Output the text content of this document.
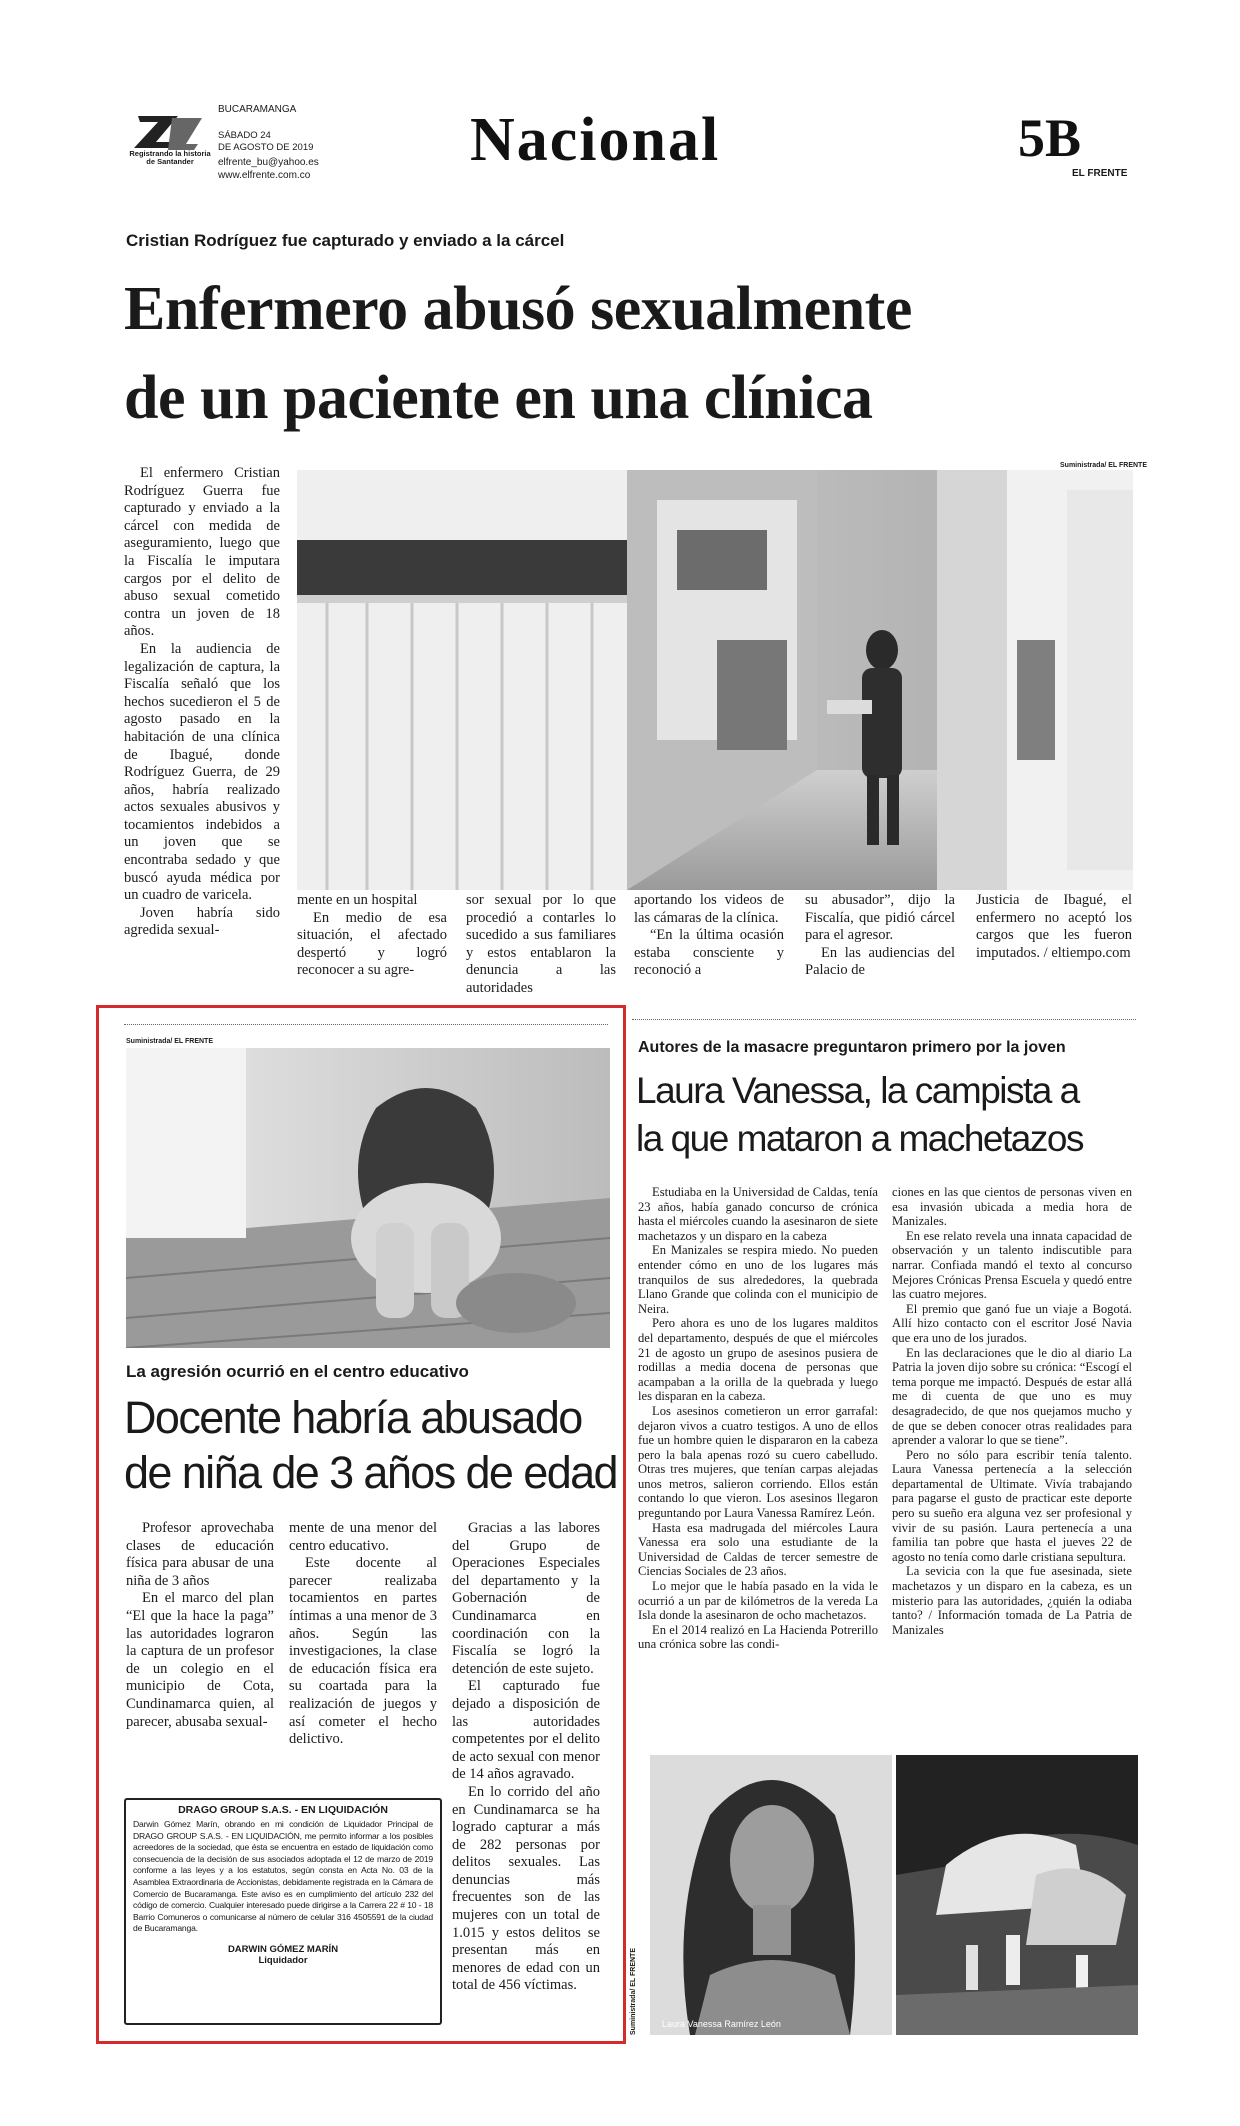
Registrando la historia de Santander
BUCARAMANGA
SÁBADO 24
DE AGOSTO DE 2019
elfrente_bu@yahoo.es
www.elfrente.com.co
Nacional	5B
EL FRENTE
Cristian Rodríguez fue capturado y enviado a la cárcel
Enfermero abusó sexualmente
de un paciente en una clínica
Suministrada/ EL FRENTE

El enfermero Cristian Rodríguez Guerra fue capturado y enviado a la cárcel con medida de aseguramiento, luego que la Fiscalía le imputara cargos por el delito de abuso sexual cometido contra un joven de 18 años.

En la audiencia de legalización de captura, la Fiscalía señaló que los hechos sucedieron el 5 de agosto pasado en la habitación de una clínica de Ibagué, donde Rodríguez Guerra, de 29 años, habría realizado actos sexuales abusivos y tocamientos indebidos a un joven que se encontraba sedado y que buscó ayuda médica por un cuadro de varicela.

Joven habría sido agredida sexual-

mente en un hospital

En medio de esa situación, el afectado despertó y logró reconocer a su agre-

sor sexual por lo que procedió a contarles lo sucedido a sus familiares y estos entablaron la denuncia a las autoridades

aportando los videos de las cámaras de la clínica.

“En la última ocasión estaba consciente y reconoció a

su abusador”, dijo la Fiscalía, que pidió cárcel para el agresor.

En las audiencias del Palacio de

Justicia de Ibagué, el enfermero no aceptó los cargos que les fueron imputados. / eltiempo.com

Suministrada/ EL FRENTE
La agresión ocurrió en el centro educativo
Docente habría abusado
de niña de 3 años de edad

Profesor aprovechaba clases de educación física para abusar de una niña de 3 años

En el marco del plan “El que la hace la paga” las autoridades lograron la captura de un profesor de un colegio en el municipio de Cota, Cundinamarca quien, al parecer, abusaba sexual-

mente de una menor del centro educativo.

Este docente al parecer realizaba tocamientos en partes íntimas a una menor de 3 años. Según las investigaciones, la clase de educación física era su coartada para la realización de juegos y así cometer el hecho delictivo.

Gracias a las labores del Grupo de Operaciones Especiales del departamento y la Gobernación de Cundinamarca en coordinación con la Fiscalía se logró la detención de este sujeto.

El capturado fue dejado a disposición de las autoridades competentes por el delito de acto sexual con menor de 14 años agravado.

En lo corrido del año en Cundinamarca se ha logrado capturar a más de 282 personas por delitos sexuales. Las denuncias más frecuentes son de las mujeres con un total de 1.015 y estos delitos se presentan más en menores de edad con un total de 456 víctimas.

DRAGO GROUP S.A.S. - EN LIQUIDACIÓN
Darwin Gómez Marín, obrando en mi condición de Liquidador Principal de DRAGO GROUP S.A.S. - EN LIQUIDACIÓN, me permito informar a los posibles acreedores de la sociedad, que ésta se encuentra en estado de liquidación como consecuencia de la decisión de sus asociados adoptada el 12 de marzo de 2019 conforme a las leyes y a los estatutos, según consta en Acta No. 03 de la Asamblea Extraordinaria de Accionistas, debidamente registrada en la Cámara de Comercio de Bucaramanga. Este aviso es en cumplimiento del artículo 232 del código de comercio. Cualquier interesado puede dirigirse a la Carrera 22 # 10 - 18 Barrio Comuneros o comunicarse al número de celular 316 4505591 de la ciudad de Bucaramanga.
DARWIN GÓMEZ MARÍN
Liquidador
Autores de la masacre preguntaron primero por la joven
Laura Vanessa, la campista a
la que mataron a machetazos

Estudiaba en la Universidad de Caldas, tenía 23 años, había ganado concurso de crónica hasta el miércoles cuando la asesinaron de siete machetazos y un disparo en la cabeza

En Manizales se respira miedo. No pueden entender cómo en uno de los lugares más tranquilos de sus alrededores, la quebrada Llano Grande que colinda con el municipio de Neira.

Pero ahora es uno de los lugares malditos del departamento, después de que el miércoles 21 de agosto un grupo de asesinos pusiera de rodillas a media docena de personas que acampaban a la orilla de la quebrada y luego les disparan en la cabeza.

Los asesinos cometieron un error garrafal: dejaron vivos a cuatro testigos. A uno de ellos fue un hombre quien le dispararon en la cabeza pero la bala apenas rozó su cuero cabelludo. Otras tres mujeres, que tenían carpas alejadas unos metros, salieron corriendo. Ellos están contando lo que vieron. Los asesinos llegaron preguntando por Laura Vanessa Ramírez León.

Hasta esa madrugada del miércoles Laura Vanessa era solo una estudiante de la Universidad de Caldas de tercer semestre de Ciencias Sociales de 23 años.

Lo mejor que le había pasado en la vida le ocurrió a un par de kilómetros de la vereda La Isla donde la asesinaron de ocho machetazos.

En el 2014 realizó en La Hacienda Potrerillo una crónica sobre las condi-

ciones en las que cientos de personas viven en esa invasión ubicada a media hora de Manizales.

En ese relato revela una innata capacidad de observación y un talento indiscutible para narrar. Confiada mandó el texto al concurso Mejores Crónicas Prensa Escuela y quedó entre las cuatro mejores.

El premio que ganó fue un viaje a Bogotá. Allí hizo contacto con el escritor José Navia que era uno de los jurados.

En las declaraciones que le dio al diario La Patria la joven dijo sobre su crónica: “Escogí el tema porque me impactó. Después de estar allá me di cuenta de que uno es muy desagradecido, de que nos quejamos mucho y de que se deben conocer otras realidades para aprender a valorar lo que se tiene”.

Pero no sólo para escribir tenía talento. Laura Vanessa pertenecía a la selección departamental de Ultimate. Vivía trabajando para pagarse el gusto de practicar este deporte pero su sueño era alguna vez ser profesional y vivir de su pasión. Laura pertenecía a una familia tan pobre que hasta el jueves 22 de agosto no tenía como darle cristiana sepultura.

La sevicia con la que fue asesinada, siete machetazos y un disparo en la cabeza, es un misterio para las autoridades, ¿quién la odiaba tanto? / Información tomada de La Patria de Manizales

Laura Vanessa Ramírez León
Suministrada/ EL FRENTE
